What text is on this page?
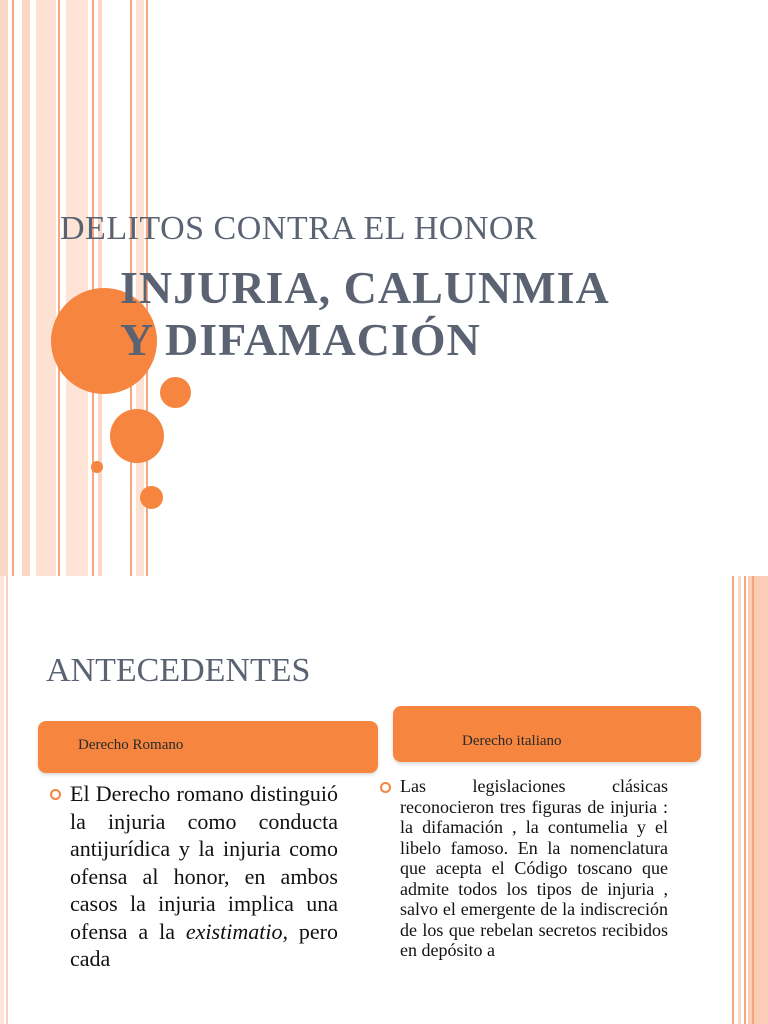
DELITOS CONTRA EL HONOR
INJURIA, CALUNMIA
Y DIFAMACIÓN
ANTECEDENTES
Derecho Romano	Derecho italiano
El Derecho romano distinguió la injuria como conducta antijurídica y la injuria como ofensa al honor, en ambos casos la injuria implica una ofensa a la existimatio, pero cada
Las legislaciones clásicas reconocieron tres figuras de injuria : la difamación , la contumelia y el libelo famoso. En la nomenclatura que acepta el Código toscano que admite todos los tipos de injuria , salvo el emergente de la indiscreción de los que rebelan secretos recibidos en depósito a
